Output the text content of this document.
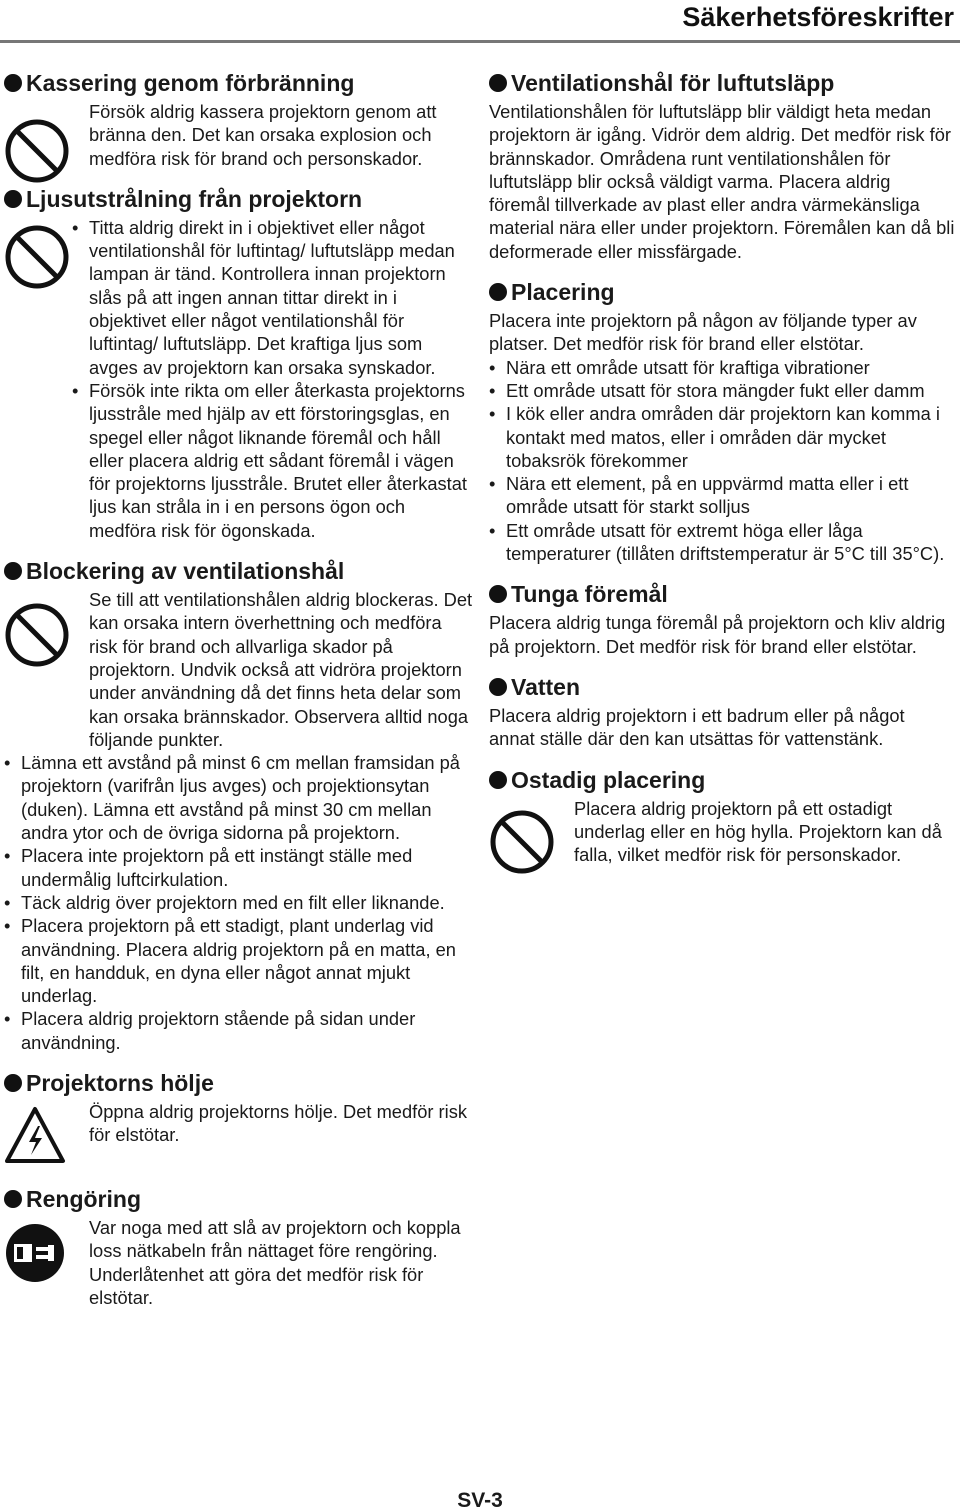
Säkerhetsföreskrifter
Kassering genom förbränning
Försök aldrig kassera projektorn genom att bränna den. Det kan orsaka explosion och medföra risk för brand och personskador.
Ljusutstrålning från projektorn
• Titta aldrig direkt in i objektivet eller något ventilationshål för luftintag/ luftutsläpp medan lampan är tänd. Kontrollera innan projektorn slås på att ingen annan tittar direkt in i objektivet eller något ventilationshål för luftintag/ luftutsläpp. Det kraftiga ljus som avges av projektorn kan orsaka synskador.
• Försök inte rikta om eller återkasta projektorns ljusstråle med hjälp av ett förstoringsglas, en spegel eller något liknande föremål och håll eller placera aldrig ett sådant föremål i vägen för projektorns ljusstråle. Brutet eller återkastat ljus kan stråla in i en persons ögon och medföra risk för ögonskada.
Blockering av ventilationshål
Se till att ventilationshålen aldrig blockeras. Det kan orsaka intern överhettning och medföra risk för brand och allvarliga skador på projektorn. Undvik också att vidröra projektorn under användning då det finns heta delar som kan orsaka brännskador. Observera alltid noga följande punkter.
• Lämna ett avstånd på minst 6 cm mellan framsidan på projektorn (varifrån ljus avges) och projektionsytan (duken). Lämna ett avstånd på minst 30 cm mellan andra ytor och de övriga sidorna på projektorn.
• Placera inte projektorn på ett instängt ställe med undermålig luftcirkulation.
• Täck aldrig över projektorn med en filt eller liknande.
• Placera projektorn på ett stadigt, plant underlag vid användning. Placera aldrig projektorn på en matta, en filt, en handduk, en dyna eller något annat mjukt underlag.
• Placera aldrig projektorn stående på sidan under användning.
Projektorns hölje
Öppna aldrig projektorns hölje. Det medför risk för elstötar.
Rengöring
Var noga med att slå av projektorn och koppla loss nätkabeln från nättaget före rengöring. Underlåtenhet att göra det medför risk för elstötar.
Ventilationshål för luftutsläpp
Ventilationshålen för luftutsläpp blir väldigt heta medan projektorn är igång. Vidrör dem aldrig. Det medför risk för brännskador. Områdena runt ventilationshålen för luftutsläpp blir också väldigt varma. Placera aldrig föremål tillverkade av plast eller andra värmekänsliga material nära eller under projektorn. Föremålen kan då bli deformerade eller missfärgade.
Placering
Placera inte projektorn på någon av följande typer av platser. Det medför risk för brand eller elstötar.
• Nära ett område utsatt för kraftiga vibrationer
• Ett område utsatt för stora mängder fukt eller damm
• I kök eller andra områden där projektorn kan komma i kontakt med matos, eller i områden där mycket tobaksrök förekommer
• Nära ett element, på en uppvärmd matta eller i ett område utsatt för starkt solljus
• Ett område utsatt för extremt höga eller låga temperaturer (tillåten driftstemperatur är 5°C till 35°C).
Tunga föremål
Placera aldrig tunga föremål på projektorn och kliv aldrig på projektorn. Det medför risk för brand eller elstötar.
Vatten
Placera aldrig projektorn i ett badrum eller på något annat ställe där den kan utsättas för vattenstänk.
Ostadig placering
Placera aldrig projektorn på ett ostadigt underlag eller en hög hylla. Projektorn kan då falla, vilket medför risk för personskador.
SV-3
